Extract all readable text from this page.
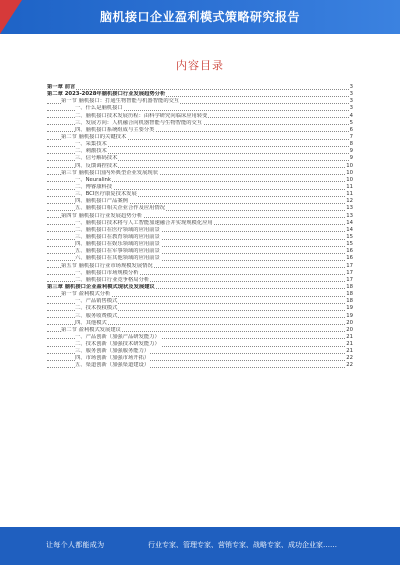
脑机接口企业盈利模式策略研究报告
内容目录
第一章 前言	3
第二章 2023-2028年脑机接口行业发展趋势分析	3
第一节 脑机接口：打通生物智能与机器智能的交互	3
一、什么是脑机接口	3
二、脑机接口技术发展历程：由科学研究向临床应用转变	4
三、发展方向：人机融合向机器智能与生物智能的交互	5
四、脑机接口系统组成与主要分类	6
第二节 脑机接口的关键技术	7
一、采集技术	8
二、刺激技术	9
三、信号解码技术	9
四、反馈调控技术	10
第三节 脑机接口国内外典型企业发展现状	10
一、Neuralink	10
二、博睿康科技	11
三、BCI医疗康复技术发展	11
四、脑机接口产品案例	12
五、脑机接口相关企业合作及应用情况	13
第四节 脑机接口行业发展趋势分析	13
一、脑机接口技术将与人工智能加速融合并实现规模化应用	14
二、脑机接口在医疗领域的应用前景	14
三、脑机接口在教育领域的应用前景	15
四、脑机接口在娱乐领域的应用前景	15
五、脑机接口在军事领域的应用前景	16
六、脑机接口在其他领域的应用前景	16
第五节 脑机接口行业市场规模发展情况	17
一、脑机接口市场规模分析	17
二、脑机接口行业竞争格局分析	17
第三章 脑机接口企业盈利模式现状及发展建议	18
第一节 盈利模式分析	18
一、产品销售模式	18
二、技术授权模式	19
三、服务收费模式	19
四、其他模式	20
第二节 盈利模式发展建议	20
一、产品创新（加强产品研发能力）	21
二、技术创新（加强技术研发能力）	21
三、服务创新（加强服务能力）	21
四、市场创新（加强市场开拓）	22
五、渠道创新（加强渠道建设）	22
让每个人都能成为	行业专家、管理专家、营销专家、战略专家、成功企业家……
